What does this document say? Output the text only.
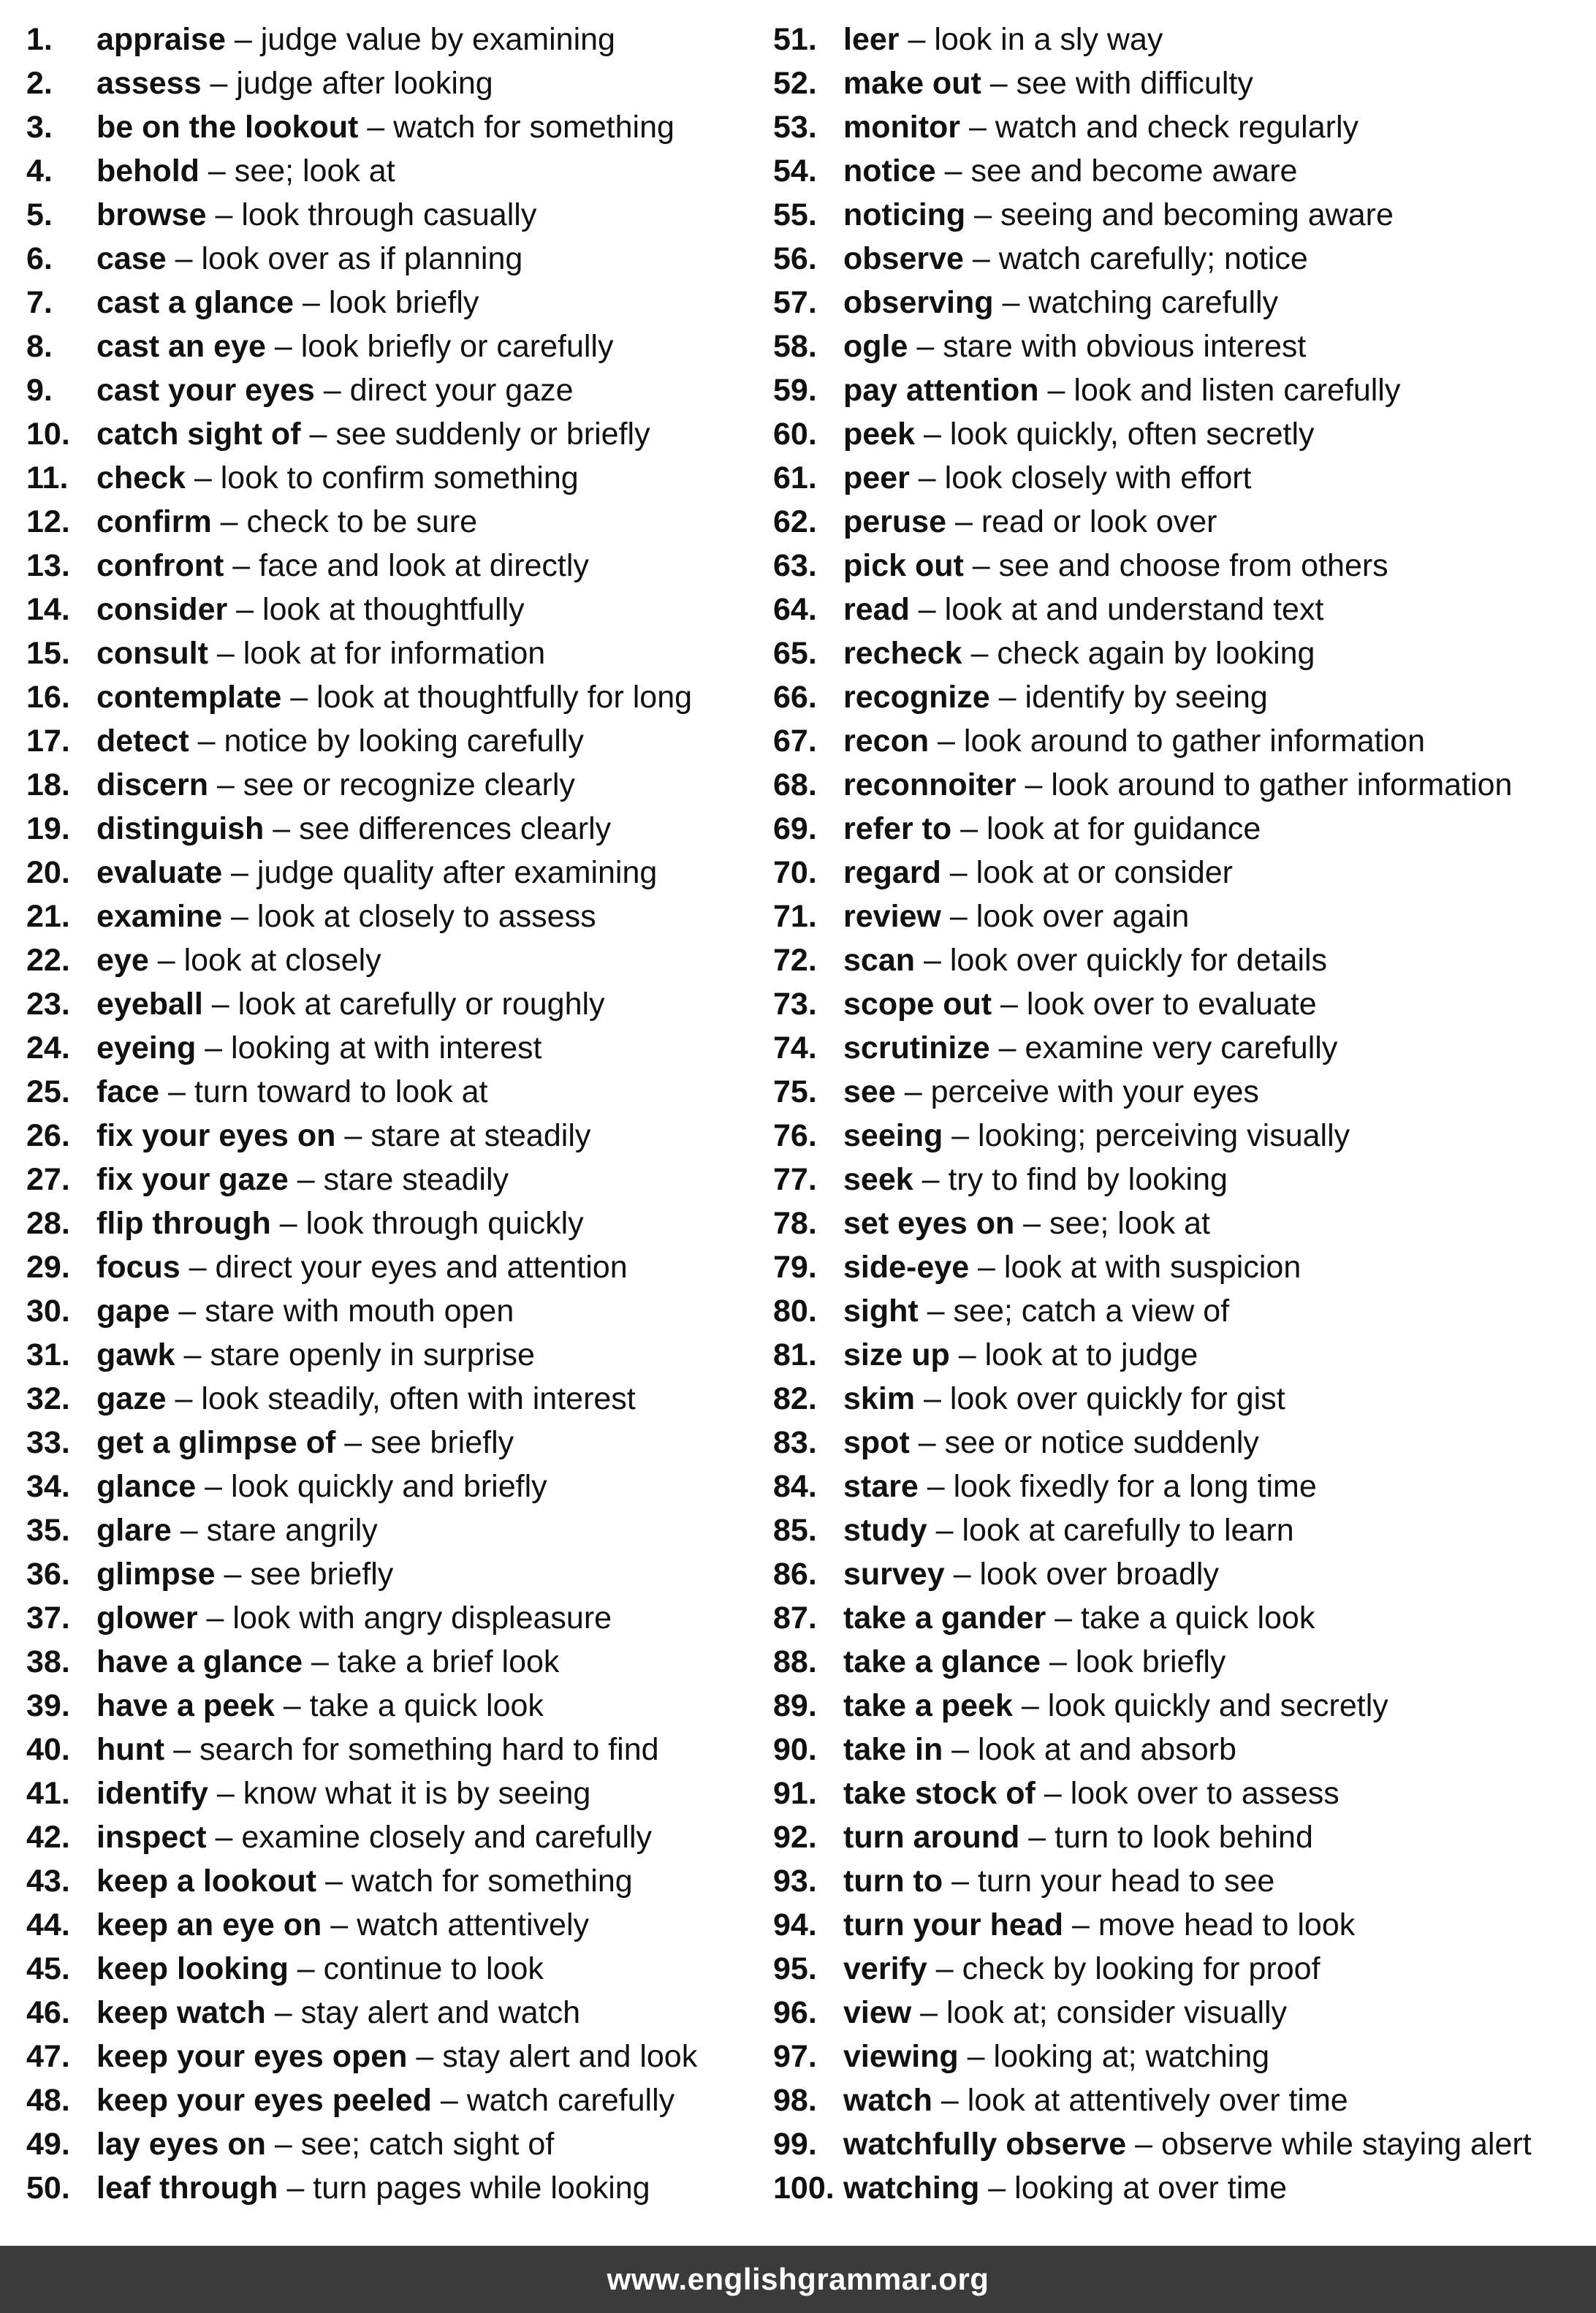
1.	appraise – judge value by examining
2.	assess – judge after looking
3.	be on the lookout – watch for something
4.	behold – see; look at
5.	browse – look through casually
6.	case – look over as if planning
7.	cast a glance – look briefly
8.	cast an eye – look briefly or carefully
9.	cast your eyes – direct your gaze
10. catch sight of – see suddenly or briefly
11. check – look to confirm something
12. confirm – check to be sure
13. confront – face and look at directly
14. consider – look at thoughtfully
15. consult – look at for information
16. contemplate – look at thoughtfully for long
17. detect – notice by looking carefully
18. discern – see or recognize clearly
19. distinguish – see differences clearly
20. evaluate – judge quality after examining
21. examine – look at closely to assess
22. eye – look at closely
23. eyeball – look at carefully or roughly
24. eyeing – looking at with interest
25. face – turn toward to look at
26. fix your eyes on – stare at steadily
27. fix your gaze – stare steadily
28. flip through – look through quickly
29. focus – direct your eyes and attention
30. gape – stare with mouth open
31. gawk – stare openly in surprise
32. gaze – look steadily, often with interest
33. get a glimpse of – see briefly
34. glance – look quickly and briefly
35. glare – stare angrily
36. glimpse – see briefly
37. glower – look with angry displeasure
38. have a glance – take a brief look
39. have a peek – take a quick look
40. hunt – search for something hard to find
41. identify – know what it is by seeing
42. inspect – examine closely and carefully
43. keep a lookout – watch for something
44. keep an eye on – watch attentively
45. keep looking – continue to look
46. keep watch – stay alert and watch
47. keep your eyes open – stay alert and look
48. keep your eyes peeled – watch carefully
49. lay eyes on – see; catch sight of
50. leaf through – turn pages while looking
51. leer – look in a sly way
52. make out – see with difficulty
53. monitor – watch and check regularly
54. notice – see and become aware
55. noticing – seeing and becoming aware
56. observe – watch carefully; notice
57. observing – watching carefully
58. ogle – stare with obvious interest
59. pay attention – look and listen carefully
60. peek – look quickly, often secretly
61. peer – look closely with effort
62. peruse – read or look over
63. pick out – see and choose from others
64. read – look at and understand text
65. recheck – check again by looking
66. recognize – identify by seeing
67. recon – look around to gather information
68. reconnoiter – look around to gather information
69. refer to – look at for guidance
70. regard – look at or consider
71. review – look over again
72. scan – look over quickly for details
73. scope out – look over to evaluate
74. scrutinize – examine very carefully
75. see – perceive with your eyes
76. seeing – looking; perceiving visually
77. seek – try to find by looking
78. set eyes on – see; look at
79. side-eye – look at with suspicion
80. sight – see; catch a view of
81. size up – look at to judge
82. skim – look over quickly for gist
83. spot – see or notice suddenly
84. stare – look fixedly for a long time
85. study – look at carefully to learn
86. survey – look over broadly
87. take a gander – take a quick look
88. take a glance – look briefly
89. take a peek – look quickly and secretly
90. take in – look at and absorb
91. take stock of – look over to assess
92. turn around – turn to look behind
93. turn to – turn your head to see
94. turn your head – move head to look
95. verify – check by looking for proof
96. view – look at; consider visually
97. viewing – looking at; watching
98. watch – look at attentively over time
99. watchfully observe – observe while staying alert
100. watching – looking at over time
www.englishgrammar.org
